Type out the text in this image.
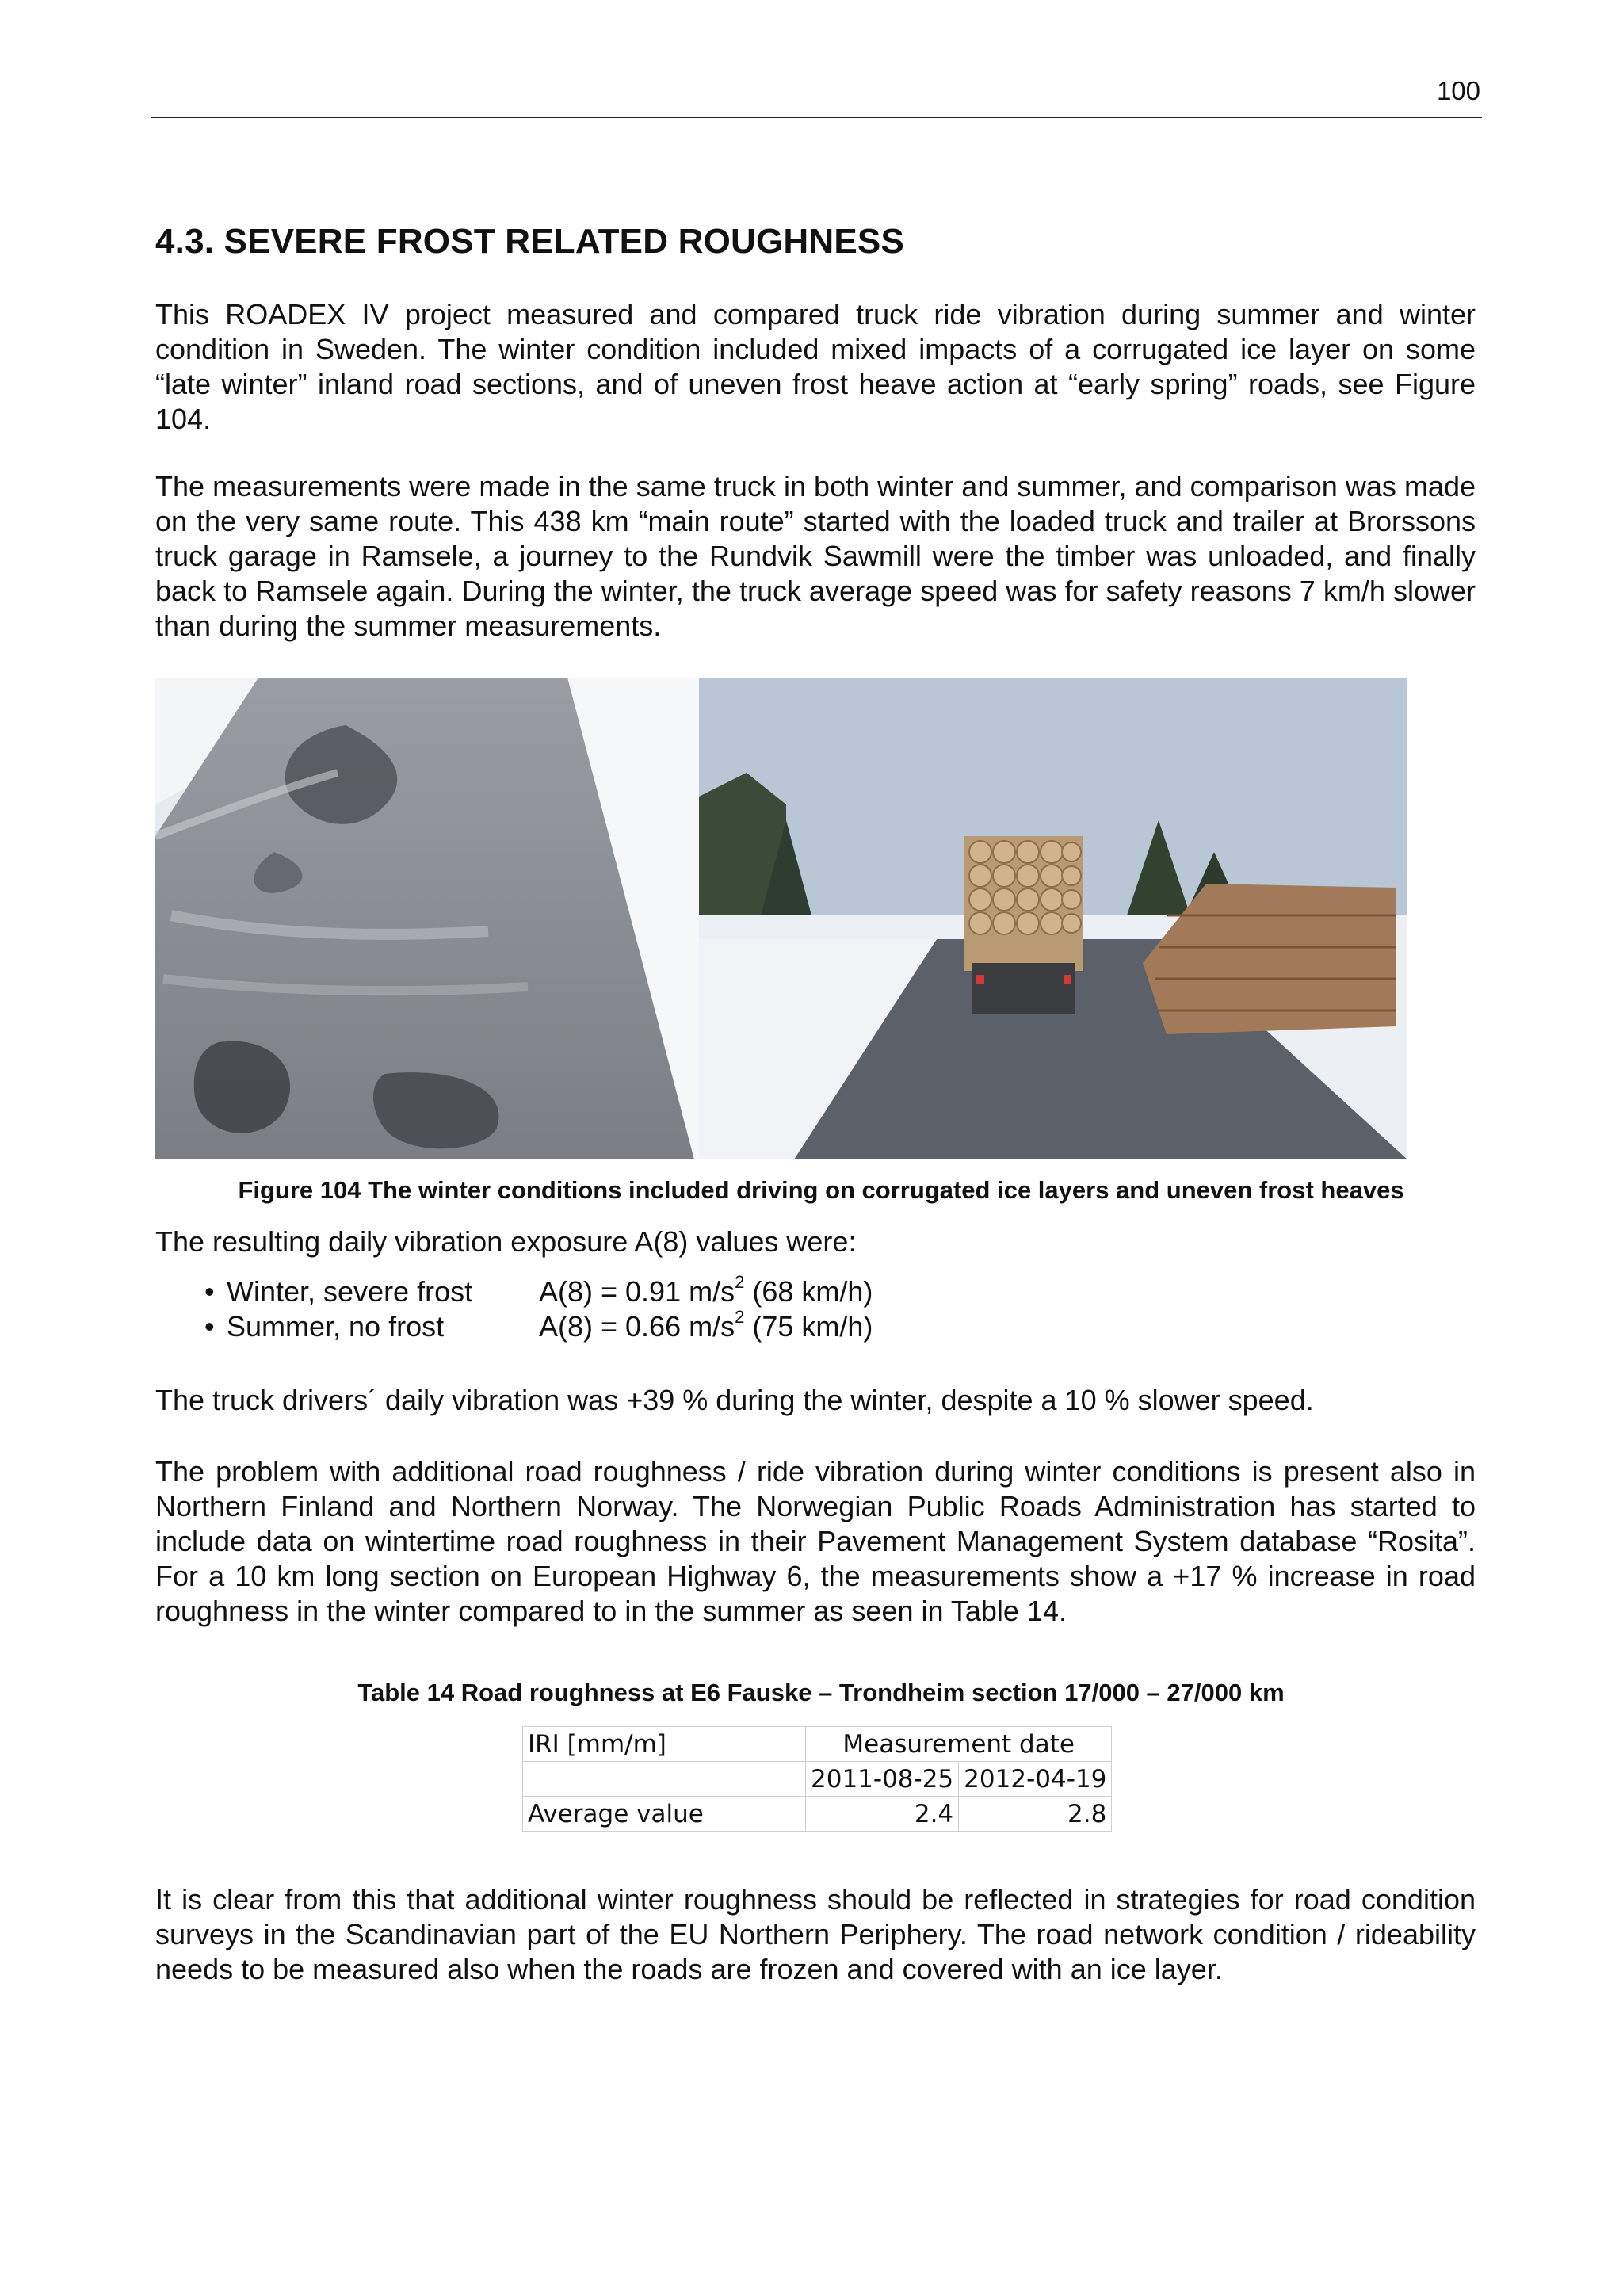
100
4.3. SEVERE FROST RELATED ROUGHNESS

This ROADEX IV project measured and compared truck ride vibration during summer and winter condition in Sweden. The winter condition included mixed impacts of a corrugated ice layer on some “late winter” inland road sections, and of uneven frost heave action at “early spring” roads, see Figure 104.

The measurements were made in the same truck in both winter and summer, and comparison was made on the very same route. This 438 km “main route” started with the loaded truck and trailer at Brorssons truck garage in Ramsele, a journey to the Rundvik Sawmill were the timber was unloaded, and finally back to Ramsele again. During the winter, the truck average speed was for safety reasons 7 km/h slower than during the summer measurements.

Figure 104 The winter conditions included driving on corrugated ice layers and uneven frost heaves

The resulting daily vibration exposure A(8) values were:

• Winter, severe frost	A(8) = 0.91 $m/s^2$ (68 km/h)
• Summer, no frost	A(8) = 0.66 $m/s^2$ (75 km/h)

The truck drivers´ daily vibration was +39 % during the winter, despite a 10 % slower speed.

The problem with additional road roughness / ride vibration during winter conditions is present also in Northern Finland and Northern Norway. The Norwegian Public Roads Administration has started to include data on wintertime road roughness in their Pavement Management System database “Rosita”. For a 10 km long section on European Highway 6, the measurements show a +17 % increase in road roughness in the winter compared to in the summer as seen in Table 14.

Table 14 Road roughness at E6 Fauske – Trondheim section 17/000 – 27/000 km

IRI [mm/m]		Measurement date	
		2011-08-25	2012-04-19
Average value		2.4	2.8

It is clear from this that additional winter roughness should be reflected in strategies for road condition surveys in the Scandinavian part of the EU Northern Periphery. The road network condition / rideability needs to be measured also when the roads are frozen and covered with an ice layer.
